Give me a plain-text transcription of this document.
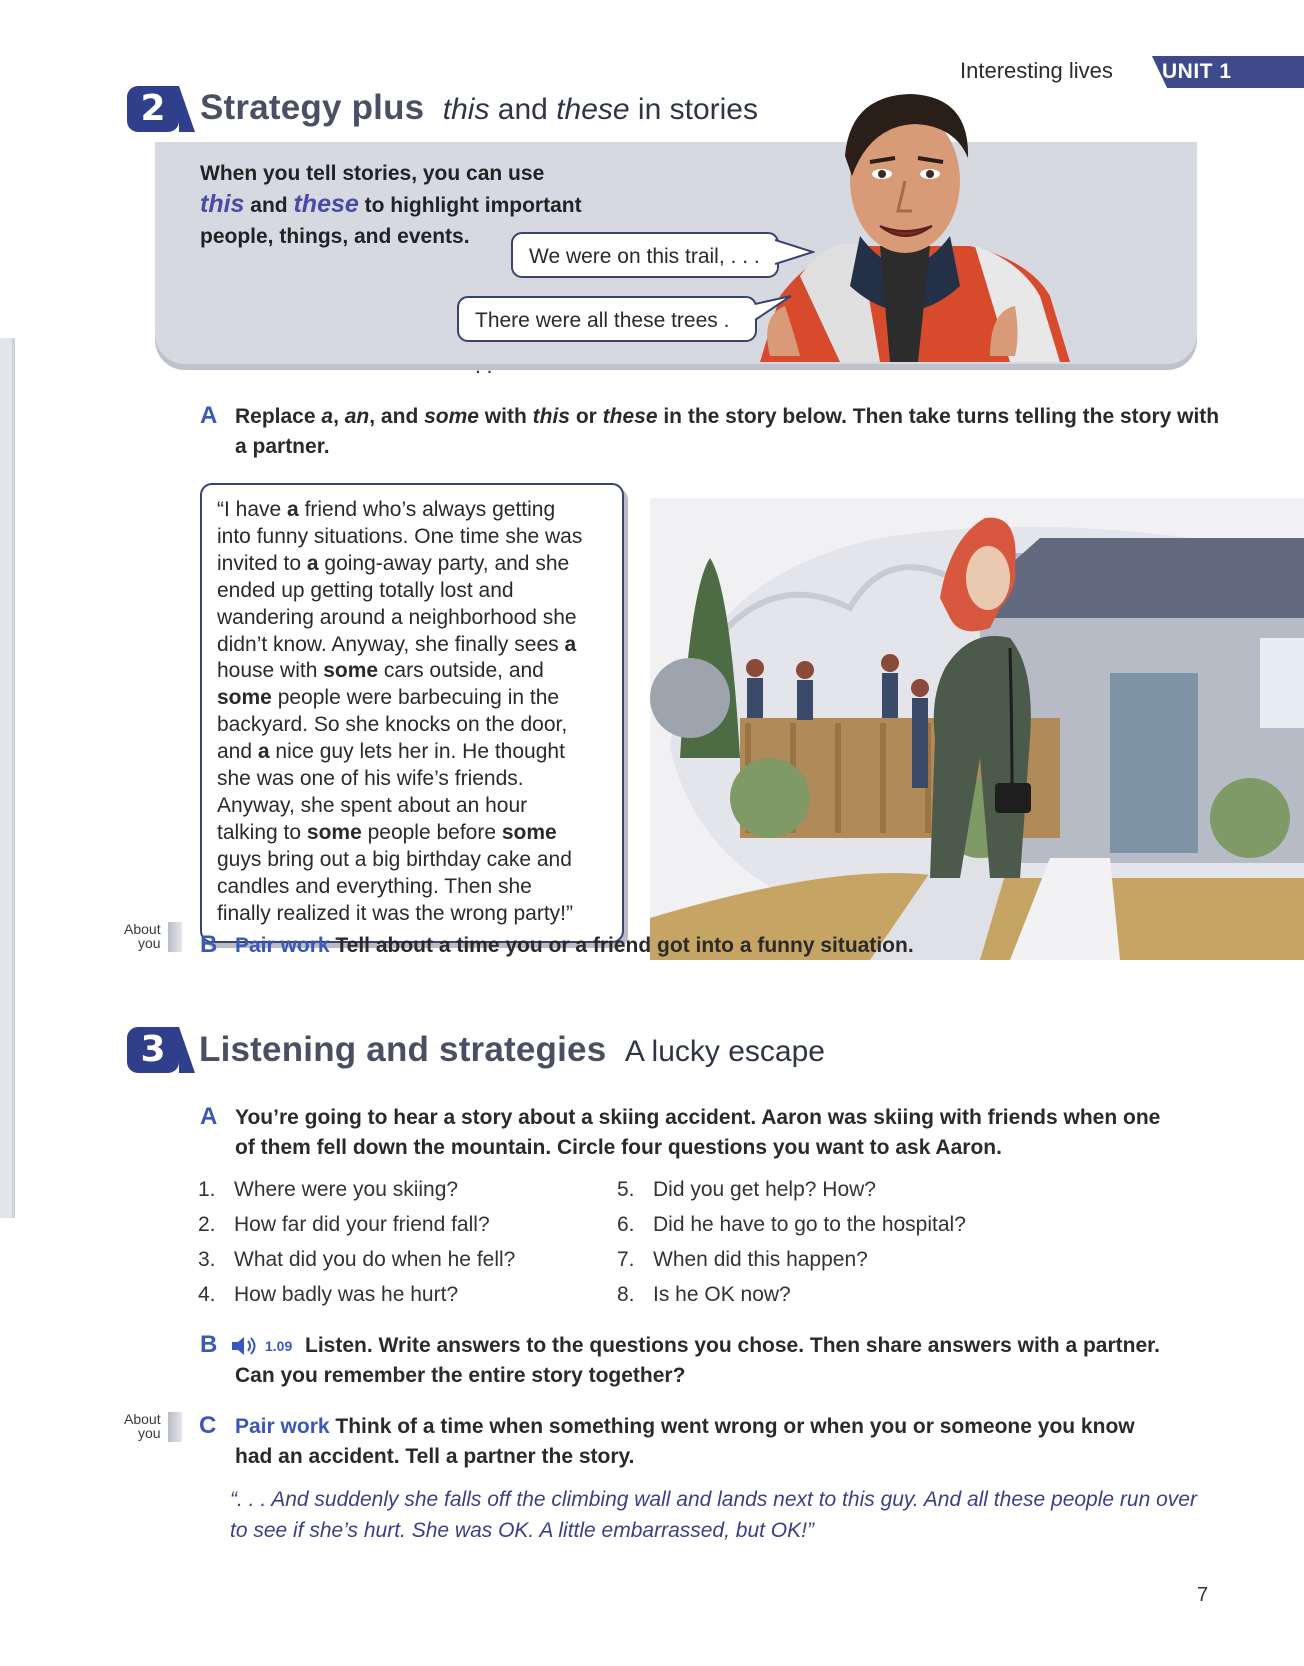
Interesting lives UNIT 1
2 Strategy plus this and these in stories
When you tell stories, you can use
this and these to highlight important
people, things, and events.
We were on this trail, . . .
There were all these trees . . .
A Replace a, an, and some with this or these in the story below. Then take turns telling the story with
a partner.
“I have a friend who’s always getting
into funny situations. One time she was
invited to a going-away party, and she
ended up getting totally lost and
wandering around a neighborhood she
didn’t know. Anyway, she finally sees a
house with some cars outside, and
some people were barbecuing in the
backyard. So she knocks on the door,
and a nice guy lets her in. He thought
she was one of his wife’s friends.
Anyway, she spent about an hour
talking to some people before some
guys bring out a big birthday cake and
candles and everything. Then she
finally realized it was the wrong party!”
About
you B Pair work Tell about a time you or a friend got into a funny situation.
3 Listening and strategies A lucky escape
A You’re going to hear a story about a skiing accident. Aaron was skiing with friends when one
of them fell down the mountain. Circle four questions you want to ask Aaron.
1. Where were you skiing?
2. How far did your friend fall?
3. What did you do when he fell?
4. How badly was he hurt?
5. Did you get help? How?
6. Did he have to go to the hospital?
7. When did this happen?
8. Is he OK now?
B	1.09 Listen. Write answers to the questions you chose. Then share answers with a partner.
Can you remember the entire story together?
About
you C Pair work Think of a time when something went wrong or when you or someone you know
had an accident. Tell a partner the story.
“. . . And suddenly she falls off the climbing wall and lands next to this guy. And all these people run over
to see if she’s hurt. She was OK. A little embarrassed, but OK!”
7
